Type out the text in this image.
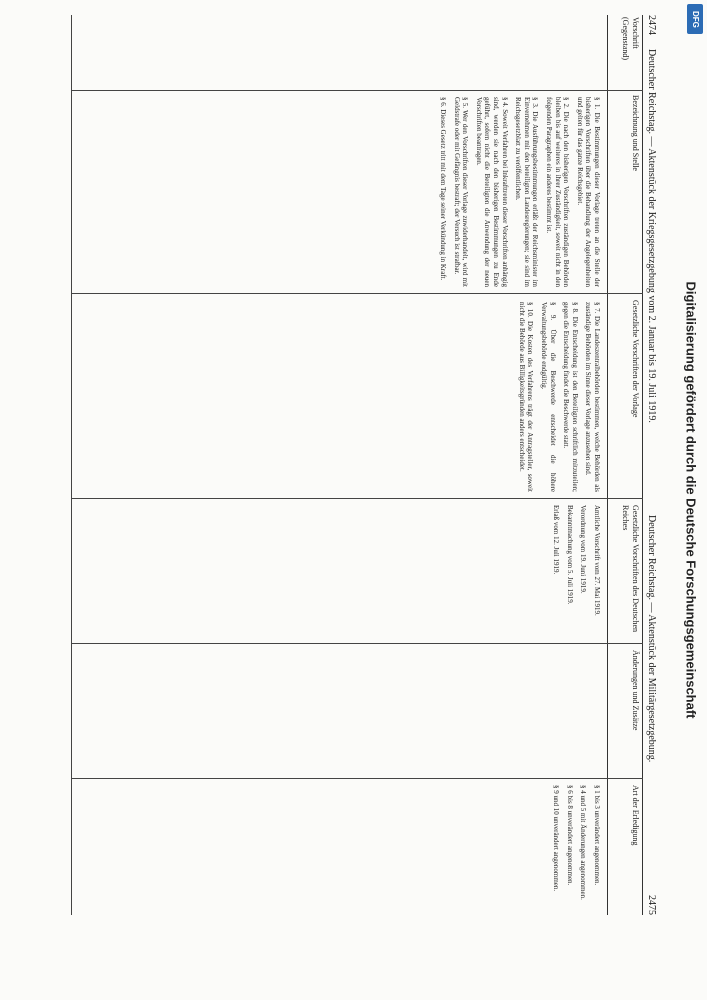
2474
2475
Deutscher Reichstag. — Aktenstück der Kriegsgesetzgebung vom 2. Januar bis 19. Juli 1919.
Deutscher Reichstag. — Aktenstück der Militärgesetzgebung.
Vorschrift (Gegenstand)
Bezeichnung und Stelle
Gesetzliche Vorschriften der Vorlage
Gesetzliche Vorschriften des Deutschen Reiches
Änderungen und Zusätze
Art der Erledigung

§ 1. Die Bestimmungen dieser Vorlage treten an die Stelle der bisherigen Vorschriften über die Behandlung der Angelegenheiten und gelten für das ganze Reichsgebiet.

§ 2. Die nach den bisherigen Vorschriften zuständigen Behörden bleiben bis auf weiteres in ihrer Zuständigkeit, soweit nicht in den folgenden Paragraphen ein anderes bestimmt ist.

§ 3. Die Ausführungsbestimmungen erläßt der Reichsminister im Einvernehmen mit den beteiligten Landesregierungen; sie sind im Reichsgesetzblatt zu veröffentlichen.

§ 4. Soweit Verfahren bei Inkrafttreten dieser Vorschriften anhängig sind, werden sie nach den bisherigen Bestimmungen zu Ende geführt, sofern nicht die Beteiligten die Anwendung der neuen Vorschriften beantragen.

§ 5. Wer den Vorschriften dieser Vorlage zuwiderhandelt, wird mit Geldstrafe oder mit Gefängnis bestraft; der Versuch ist strafbar.

§ 6. Dieses Gesetz tritt mit dem Tage seiner Verkündung in Kraft.

§ 7. Die Landeszentralbehörden bestimmen, welche Behörden als zuständige Behörden im Sinne dieser Vorlage anzusehen sind.

§ 8. Die Entscheidung ist den Beteiligten schriftlich mitzuteilen; gegen die Entscheidung findet die Beschwerde statt.

§ 9. Über die Beschwerde entscheidet die höhere Verwaltungsbehörde endgültig.

§ 10. Die Kosten des Verfahrens trägt der Antragsteller, soweit nicht die Behörde aus Billigkeitsgründen anders entscheidet.

Amtliche Vorschrift vom 27. Mai 1919.

Verordnung vom 19. Juni 1919.

Bekanntmachung vom 5. Juli 1919.

Erlaß vom 12. Juli 1919.

§ 1 bis 3 unverändert angenommen.

§ 4 und 5 mit Änderungen angenommen.

§ 6 bis 8 unverändert angenommen.

§ 9 und 10 unverändert angenommen.

Digitalisierung gefördert durch die Deutsche Forschungsgemeinschaft
DFG
